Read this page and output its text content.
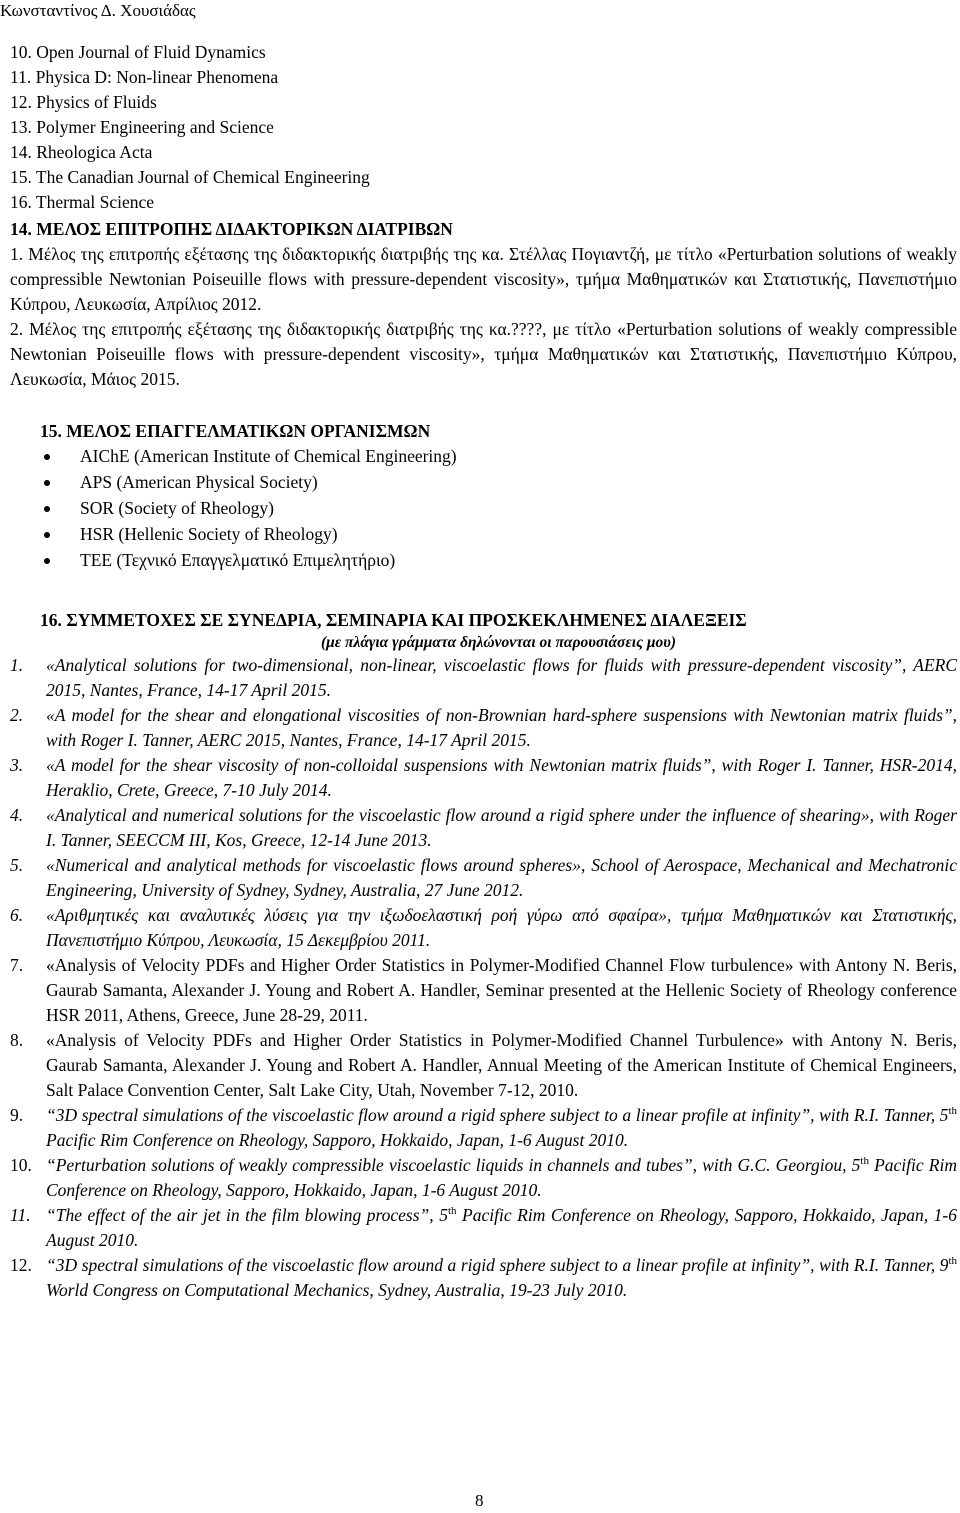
Κωνσταντίνος Δ. Χουσιάδας
10. Open Journal of Fluid Dynamics
11. Physica D: Non-linear Phenomena
12. Physics of Fluids
13. Polymer Engineering and Science
14. Rheologica Acta
15. The Canadian Journal of Chemical Engineering
16. Thermal Science
14. ΜΕΛΟΣ ΕΠΙΤΡΟΠΗΣ ΔΙΔΑΚΤΟΡΙΚΩΝ ΔΙΑΤΡΙΒΩΝ
1. Μέλος της επιτροπής εξέτασης της διδακτορικής διατριβής της κα. Στέλλας Πογιαντζή, με τίτλο «Perturbation solutions of weakly compressible Newtonian Poiseuille flows with pressure-dependent viscosity», τμήμα Μαθηματικών και Στατιστικής, Πανεπιστήμιο Κύπρου, Λευκωσία, Απρίλιος 2012.
2. Μέλος της επιτροπής εξέτασης της διδακτορικής διατριβής της κα.????, με τίτλο «Perturbation solutions of weakly compressible Newtonian Poiseuille flows with pressure-dependent viscosity», τμήμα Μαθηματικών και Στατιστικής, Πανεπιστήμιο Κύπρου, Λευκωσία, Μάιος 2015.
15. ΜΕΛΟΣ ΕΠΑΓΓΕΛΜΑΤΙΚΩΝ ΟΡΓΑΝΙΣΜΩΝ
AIChE (American Institute of Chemical Engineering)
APS (American Physical Society)
SOR (Society of Rheology)
HSR (Hellenic Society of Rheology)
TEE (Τεχνικό Επαγγελματικό Επιμελητήριο)
16. ΣΥΜΜΕΤΟΧΕΣ ΣΕ ΣΥΝΕΔΡΙΑ, ΣΕΜΙΝΑΡΙΑ ΚΑΙ ΠΡΟΣΚΕΚΛΗΜΕΝΕΣ ΔΙΑΛΕΞΕΙΣ
(με πλάγια γράμματα δηλώνονται οι παρουσιάσεις μου)
1. «Analytical solutions for two-dimensional, non-linear, viscoelastic flows for fluids with pressure-dependent viscosity”, AERC 2015, Nantes, France, 14-17 April 2015.
2. «A model for the shear and elongational viscosities of non-Brownian hard-sphere suspensions with Newtonian matrix fluids”, with Roger I. Tanner, AERC 2015, Nantes, France, 14-17 April 2015.
3. «A model for the shear viscosity of non-colloidal suspensions with Newtonian matrix fluids”, with Roger I. Tanner, HSR-2014, Heraklio, Crete, Greece, 7-10 July 2014.
4. «Analytical and numerical solutions for the viscoelastic flow around a rigid sphere under the influence of shearing», with Roger I. Tanner, SEECCM III, Kos, Greece, 12-14 June 2013.
5. «Numerical and analytical methods for viscoelastic flows around spheres», School of Aerospace, Mechanical and Mechatronic Engineering, University of Sydney, Sydney, Australia, 27 June 2012.
6. «Αριθμητικές και αναλυτικές λύσεις για την ιξωδοελαστική ροή γύρω από σφαίρα», τμήμα Μαθηματικών και Στατιστικής, Πανεπιστήμιο Κύπρου, Λευκωσία, 15 Δεκεμβρίου 2011.
7. «Analysis of Velocity PDFs and Higher Order Statistics in Polymer-Modified Channel Flow turbulence» with Antony N. Beris, Gaurab Samanta, Alexander J. Young and Robert A. Handler, Seminar presented at the Hellenic Society of Rheology conference HSR 2011, Athens, Greece, June 28-29, 2011.
8. «Analysis of Velocity PDFs and Higher Order Statistics in Polymer-Modified Channel Turbulence» with Antony N. Beris, Gaurab Samanta, Alexander J. Young and Robert A. Handler, Annual Meeting of the American Institute of Chemical Engineers, Salt Palace Convention Center, Salt Lake City, Utah, November 7-12, 2010.
9. “3D spectral simulations of the viscoelastic flow around a rigid sphere subject to a linear profile at infinity”, with R.I. Tanner, 5th Pacific Rim Conference on Rheology, Sapporo, Hokkaido, Japan, 1-6 August 2010.
10. “Perturbation solutions of weakly compressible viscoelastic liquids in channels and tubes”, with G.C. Georgiou, 5th Pacific Rim Conference on Rheology, Sapporo, Hokkaido, Japan, 1-6 August 2010.
11. “The effect of the air jet in the film blowing process”, 5th Pacific Rim Conference on Rheology, Sapporo, Hokkaido, Japan, 1-6 August 2010.
12. “3D spectral simulations of the viscoelastic flow around a rigid sphere subject to a linear profile at infinity”, with R.I. Tanner, 9th World Congress on Computational Mechanics, Sydney, Australia, 19-23 July 2010.
8
